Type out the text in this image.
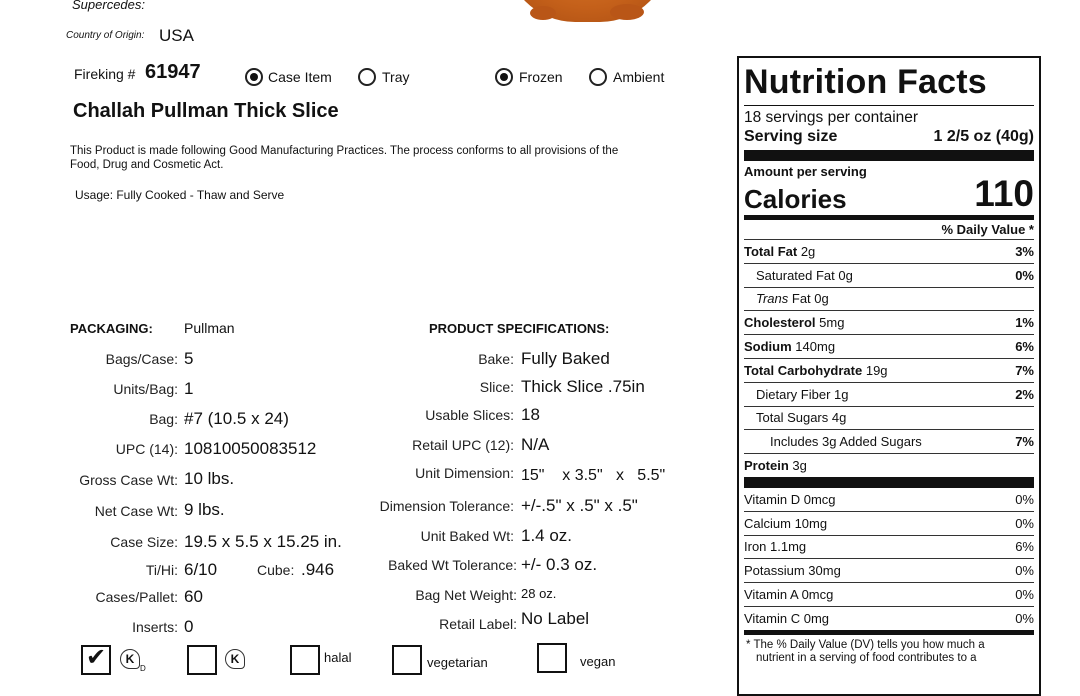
Supercedes:
Country of Origin: USA
Fireking # 61947	Case Item	Tray	Frozen	Ambient
Challah Pullman Thick Slice
This Product is made following Good Manufacturing Practices. The process conforms to all provisions of the
Food, Drug and Cosmetic Act.
Usage: Fully Cooked - Thaw and Serve
PACKAGING: Pullman
Bags/Case: 5
Units/Bag: 1
Bag: #7 (10.5 x 24)
UPC (14): 10810050083512
Gross Case Wt: 10 lbs.
Net Case Wt: 9 lbs.
Case Size: 19.5 x 5.5 x 15.25 in.
Ti/Hi: 6/10	Cube: .946
Cases/Pallet: 60
Inserts: 0
PRODUCT SPECIFICATIONS:
Bake: Fully Baked
Slice: Thick Slice .75in
Usable Slices: 18
Retail UPC (12): N/A
Unit Dimension: 15"    x 3.5"   x   5.5"
Dimension Tolerance: +/-.5" x .5" x .5"
Unit Baked Wt: 1.4 oz.
Baked Wt Tolerance: +/- 0.3 oz.
Bag Net Weight: 28 oz.
Retail Label: No Label
✔	K
D
K	halal	vegetarian	vegan
Nutrition Facts
18 servings per container
Serving size	1 2/5 oz (40g)
Amount per serving
Calories	110
% Daily Value *
Total Fat 2g	3%
Saturated Fat 0g	0%
Trans Fat 0g
Cholesterol 5mg	1%
Sodium 140mg	6%
Total Carbohydrate 19g	7%
Dietary Fiber 1g	2%
Total Sugars 4g
Includes 3g Added Sugars	7%
Protein 3g
Vitamin D 0mcg	0%
Calcium 10mg	0%
Iron 1.1mg	6%
Potassium 30mg	0%
Vitamin A 0mcg	0%
Vitamin C 0mg	0%
* The % Daily Value (DV) tells you how much a
nutrient in a serving of food contributes to a
